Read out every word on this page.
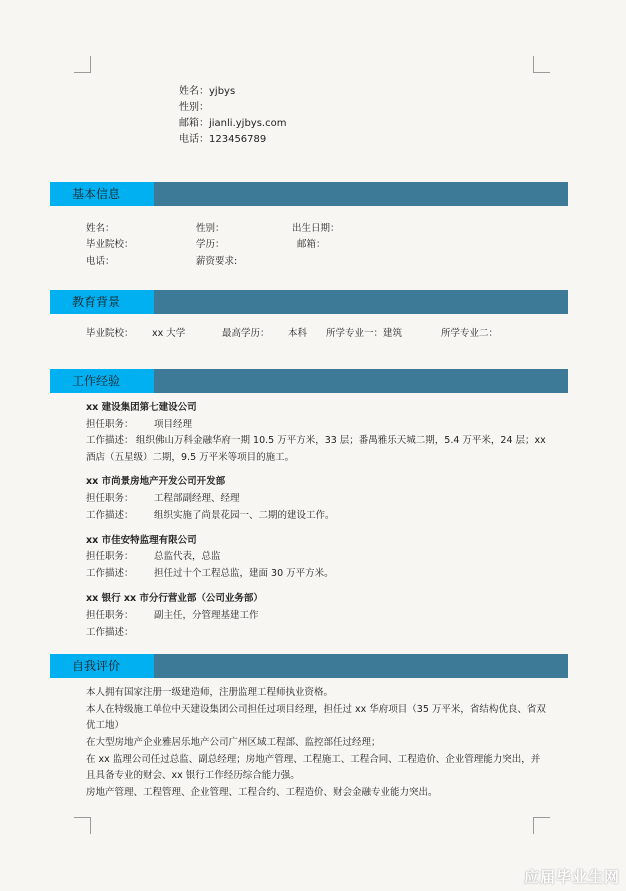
姓名：yjbys
性别：
邮箱：jianli.yjbys.com
电话：123456789
基本信息
姓名：	性别：	出生日期：
毕业院校：	学历：	邮箱：
电话：	薪资要求:
教育背景
毕业院校： xx 大学	最高学历： 本科 所学专业一：建筑	所学专业二：
工作经验
xx 建设集团第七建设公司
担任职务： 项目经理
工作描述： 组织佛山万科金融华府一期 10.5 万平方米，33 层；番禺雅乐天城二期，5.4 万平米，24 层；xx
酒店（五星级）二期，9.5 万平米等项目的施工。
xx 市尚景房地产开发公司开发部
担任职务： 工程部副经理、经理
工作描述： 组织实施了尚景花园一、二期的建设工作。
xx 市佳安特监理有限公司
担任职务： 总监代表，总监
工作描述： 担任过十个工程总监，建面 30 万平方米。
xx 银行 xx 市分行营业部（公司业务部）
担任职务： 副主任，分管理基建工作
工作描述：
自我评价
本人拥有国家注册一级建造师，注册监理工程师执业资格。
本人在特级施工单位中天建设集团公司担任过项目经理，担任过 xx 华府项目（35 万平米，省结构优良、省双
优工地）
在大型房地产企业雅居乐地产公司广州区域工程部、监控部任过经理；
在 xx 监理公司任过总监、副总经理；房地产管理、工程施工、工程合同、工程造价、企业管理能力突出，并
且具备专业的财会、xx 银行工作经历综合能力强。
房地产管理、工程管理、企业管理、工程合约、工程造价、财会金融专业能力突出。
应届毕业生网
